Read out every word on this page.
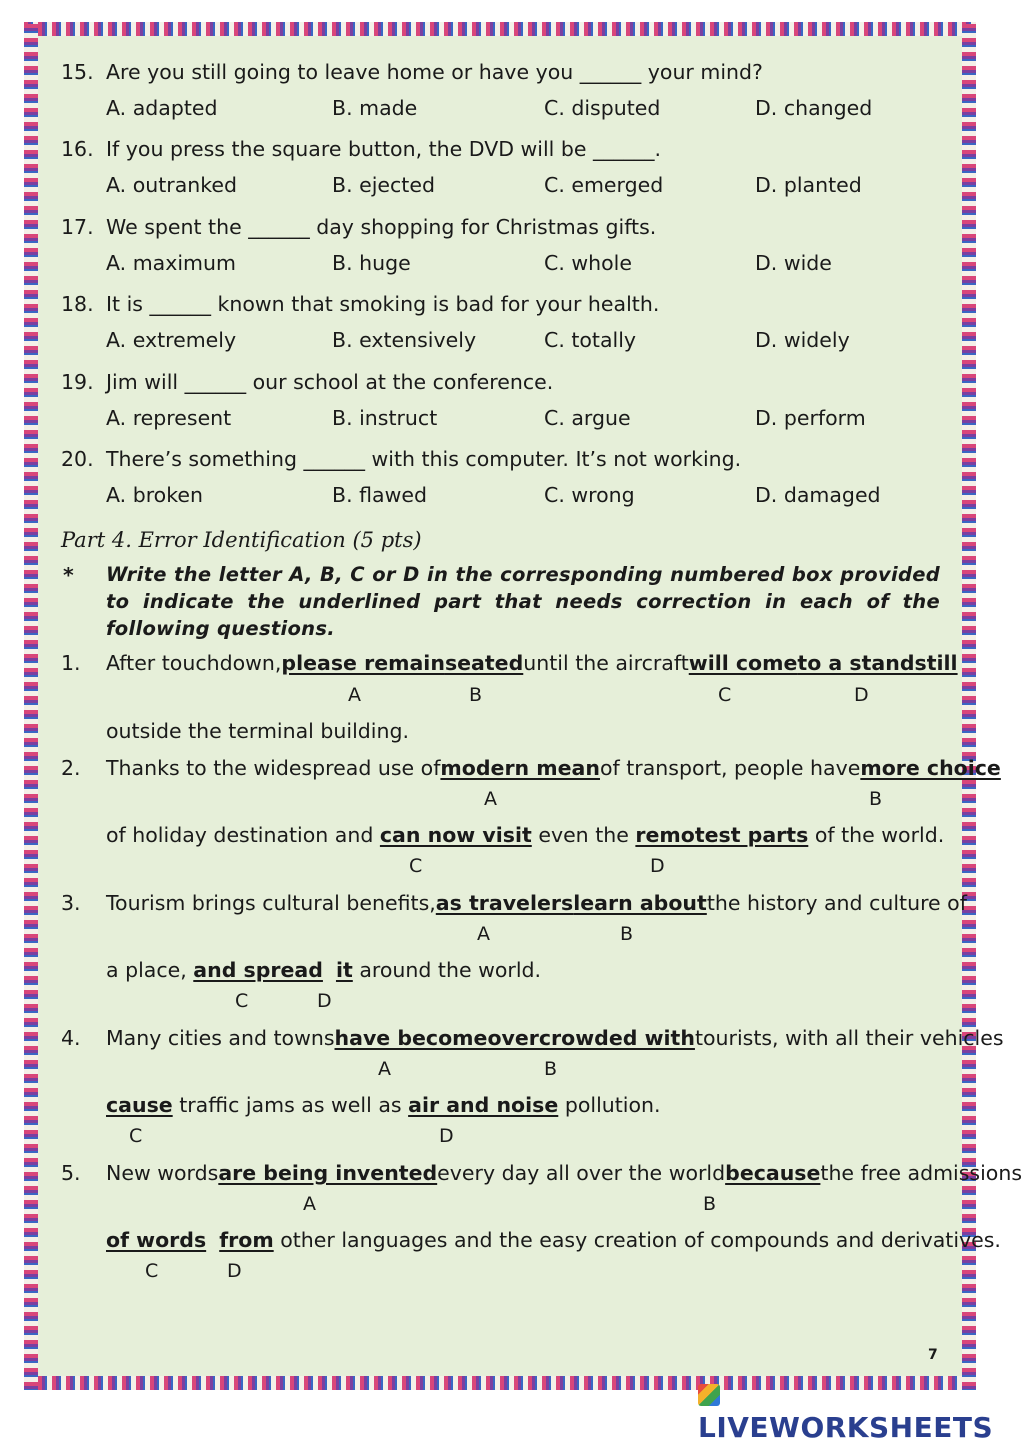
15. Are you still going to leave home or have you ______ your mind?
A. adapted	B. made	C. disputed	D. changed
16. If you press the square button, the DVD will be ______.
A. outranked	B. ejected	C. emerged	D. planted
17. We spent the ______ day shopping for Christmas gifts.
A. maximum	B. huge	C. whole	D. wide
18. It is ______ known that smoking is bad for your health.
A. extremely	B. extensively	C. totally	D. widely
19. Jim will ______ our school at the conference.
A. represent	B. instruct	C. argue	D. perform
20. There’s something ______ with this computer. It’s not working.
A. broken	B. flawed	C. wrong	D. damaged
Part 4. Error Identification (5 pts)
* Write the letter A, B, C or D in the corresponding numbered box provided to indicate the underlined part that needs correction in each of the following questions.
1. After touchdown, please remain seated until the aircraft will come to a standstill
A	B	C	D
outside the terminal building.
2. Thanks to the widespread use of modern mean of transport, people have more choice
A	B
of holiday destination and can now visit even the remotest parts of the world.
C	D
3. Tourism brings cultural benefits, as travelers learn about the history and culture of
A	B
a place, and spread it around the world.
C	D
4. Many cities and towns have become overcrowded with tourists, with all their vehicles
A	B
cause traffic jams as well as air and noise pollution.
C	D
5. New words are being invented every day all over the world because the free admissions
A	B
of words from other languages and the easy creation of compounds and derivatives.
C	D
7
LIVEWORKSHEETS
